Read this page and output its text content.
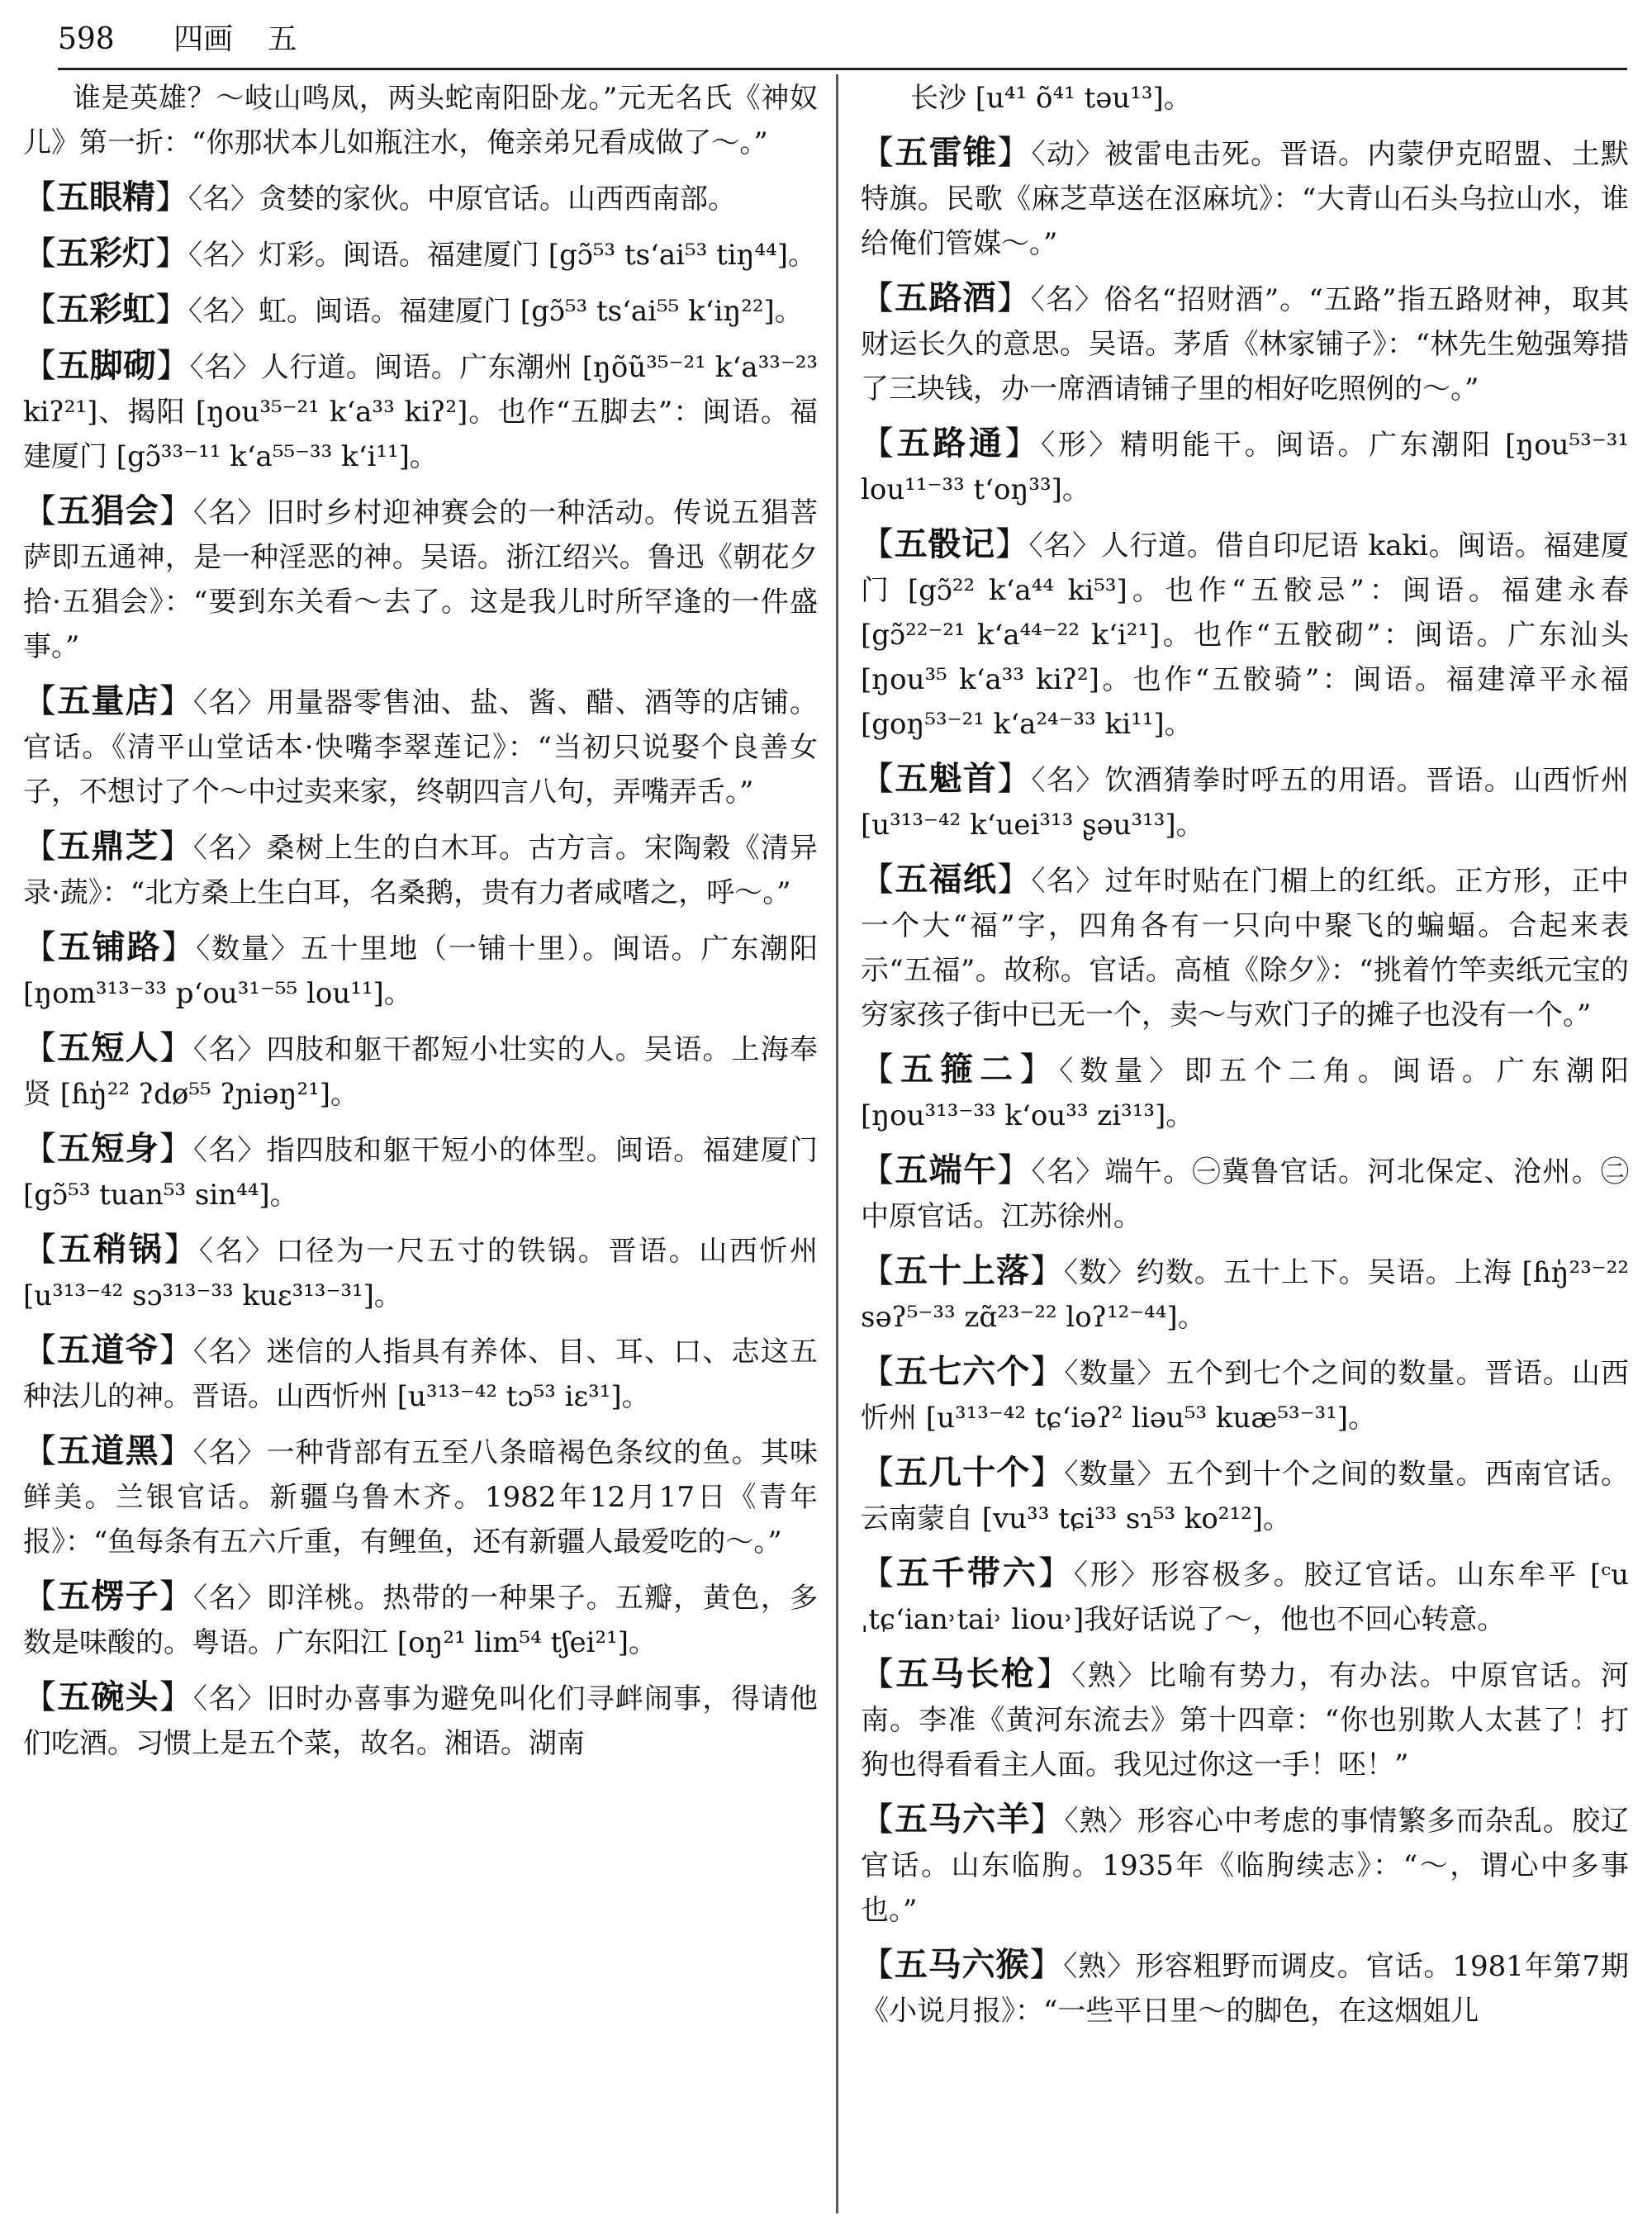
598 四画 五

谁是英雄？～岐山鸣凤，两头蛇南阳卧龙。”元无名氏《神奴儿》第一折：“你那状本儿如瓶注水，俺亲弟兄看成做了～。”

【五眼精】〈名〉贪婪的家伙。中原官话。山西西南部。

【五彩灯】〈名〉灯彩。闽语。福建厦门 [gɔ̃⁵³ tsʻai⁵³ tiŋ⁴⁴]。

【五彩虹】〈名〉虹。闽语。福建厦门 [gɔ̃⁵³ tsʻai⁵⁵ kʻiŋ²²]。

【五脚砌】〈名〉人行道。闽语。广东潮州 [ŋõũ³⁵⁻²¹ kʻa³³⁻²³ kiʔ²¹]、揭阳 [ŋou³⁵⁻²¹ kʻa³³ kiʔ²]。也作“五脚去”：闽语。福建厦门 [gɔ̃³³⁻¹¹ kʻa⁵⁵⁻³³ kʻi¹¹]。

【五猖会】〈名〉旧时乡村迎神赛会的一种活动。传说五猖菩萨即五通神，是一种淫恶的神。吴语。浙江绍兴。鲁迅《朝花夕拾·五猖会》：“要到东关看～去了。这是我儿时所罕逢的一件盛事。”

【五量店】〈名〉用量器零售油、盐、酱、醋、酒等的店铺。官话。《清平山堂话本·快嘴李翠莲记》：“当初只说娶个良善女子，不想讨了个～中过卖来家，终朝四言八句，弄嘴弄舌。”

【五鼎芝】〈名〉桑树上生的白木耳。古方言。宋陶穀《清异录·蔬》：“北方桑上生白耳，名桑鹅，贵有力者咸嗜之，呼～。”

【五铺路】〈数量〉五十里地（一铺十里）。闽语。广东潮阳 [ŋom³¹³⁻³³ pʻou³¹⁻⁵⁵ lou¹¹]。

【五短人】〈名〉四肢和躯干都短小壮实的人。吴语。上海奉贤 [ɦŋ̍²² ʔdø⁵⁵ ʔɲiəŋ²¹]。

【五短身】〈名〉指四肢和躯干短小的体型。闽语。福建厦门 [gɔ̃⁵³ tuan⁵³ sin⁴⁴]。

【五稍锅】〈名〉口径为一尺五寸的铁锅。晋语。山西忻州 [u³¹³⁻⁴² sɔ³¹³⁻³³ kuɛ³¹³⁻³¹]。

【五道爷】〈名〉迷信的人指具有养体、目、耳、口、志这五种法儿的神。晋语。山西忻州 [u³¹³⁻⁴² tɔ⁵³ iɛ³¹]。

【五道黑】〈名〉一种背部有五至八条暗褐色条纹的鱼。其味鲜美。兰银官话。新疆乌鲁木齐。1982年12月17日《青年报》：“鱼每条有五六斤重，有鲤鱼，还有新疆人最爱吃的～。”

【五楞子】〈名〉即洋桃。热带的一种果子。五瓣，黄色，多数是味酸的。粤语。广东阳江 [oŋ²¹ lim⁵⁴ tʃei²¹]。

【五碗头】〈名〉旧时办喜事为避免叫化们寻衅闹事，得请他们吃酒。习惯上是五个菜，故名。湘语。湖南

长沙 [u⁴¹ õ⁴¹ təu¹³]。

【五雷锥】〈动〉被雷电击死。晋语。内蒙伊克昭盟、土默特旗。民歌《麻芝草送在沤麻坑》：“大青山石头乌拉山水，谁给俺们管媒～。”

【五路酒】〈名〉俗名“招财酒”。“五路”指五路财神，取其财运长久的意思。吴语。茅盾《林家铺子》：“林先生勉强筹措了三块钱，办一席酒请铺子里的相好吃照例的～。”

【五路通】〈形〉精明能干。闽语。广东潮阳 [ŋou⁵³⁻³¹ lou¹¹⁻³³ tʻoŋ³³]。

【五骰记】〈名〉人行道。借自印尼语 kaki。闽语。福建厦门 [gɔ̃²² kʻa⁴⁴ ki⁵³]。也作“五骹忌”：闽语。福建永春 [gɔ̃²²⁻²¹ kʻa⁴⁴⁻²² kʻi²¹]。也作“五骹砌”：闽语。广东汕头 [ŋou³⁵ kʻa³³ kiʔ²]。也作“五骹骑”：闽语。福建漳平永福 [goŋ⁵³⁻²¹ kʻa²⁴⁻³³ ki¹¹]。

【五魁首】〈名〉饮酒猜拳时呼五的用语。晋语。山西忻州 [u³¹³⁻⁴² kʻuei³¹³ ʂəu³¹³]。

【五福纸】〈名〉过年时贴在门楣上的红纸。正方形，正中一个大“福”字，四角各有一只向中聚飞的蝙蝠。合起来表示“五福”。故称。官话。高植《除夕》：“挑着竹竿卖纸元宝的穷家孩子街中已无一个，卖～与欢门子的摊子也没有一个。”

【五箍二】〈数量〉即五个二角。闽语。广东潮阳 [ŋou³¹³⁻³³ kʻou³³ zi³¹³]。

【五端午】〈名〉端午。㊀冀鲁官话。河北保定、沧州。㊁中原官话。江苏徐州。

【五十上落】〈数〉约数。五十上下。吴语。上海 [ɦŋ̍²³⁻²² səʔ⁵⁻³³ zɑ̃²³⁻²² loʔ¹²⁻⁴⁴]。

【五七六个】〈数量〉五个到七个之间的数量。晋语。山西忻州 [u³¹³⁻⁴² tɕʻiəʔ² liəu⁵³ kuæ⁵³⁻³¹]。

【五几十个】〈数量〉五个到十个之间的数量。西南官话。云南蒙自 [vu³³ tɕi³³ sɿ⁵³ ko²¹²]。

【五千带六】〈形〉形容极多。胶辽官话。山东牟平 [ᶜu ˌtɕʻian˒tai˒ liou˒]我好话说了～，他也不回心转意。

【五马长枪】〈熟〉比喻有势力，有办法。中原官话。河南。李准《黄河东流去》第十四章：“你也别欺人太甚了！打狗也得看看主人面。我见过你这一手！呸！”

【五马六羊】〈熟〉形容心中考虑的事情繁多而杂乱。胶辽官话。山东临朐。1935年《临朐续志》：“～，谓心中多事也。”

【五马六猴】〈熟〉形容粗野而调皮。官话。1981年第7期《小说月报》：“一些平日里～的脚色，在这烟姐儿
